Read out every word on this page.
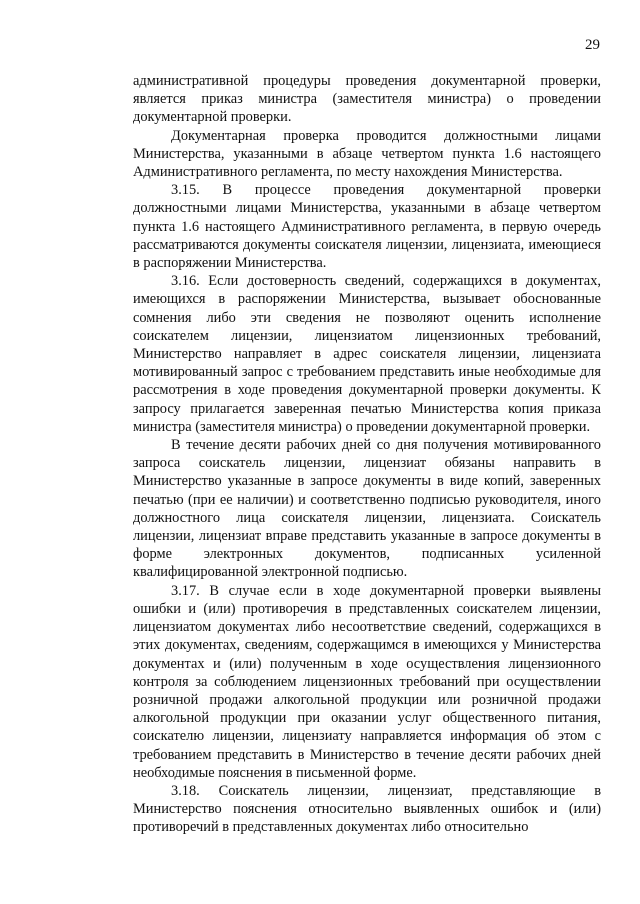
29

административной процедуры проведения документарной проверки, является приказ министра (заместителя министра) о проведении документарной проверки.

Документарная проверка проводится должностными лицами Министерства, указанными в абзаце четвертом пункта 1.6 настоящего Административного регламента, по месту нахождения Министерства.

3.15. В процессе проведения документарной проверки должностными лицами Министерства, указанными в абзаце четвертом пункта 1.6 настоящего Административного регламента, в первую очередь рассматриваются документы соискателя лицензии, лицензиата, имеющиеся в распоряжении Министерства.

3.16. Если достоверность сведений, содержащихся в документах, имеющихся в распоряжении Министерства, вызывает обоснованные сомнения либо эти сведения не позволяют оценить исполнение соискателем лицензии, лицензиатом лицензионных требований, Министерство направляет в адрес соискателя лицензии, лицензиата мотивированный запрос с требованием представить иные необходимые для рассмотрения в ходе проведения документарной проверки документы. К запросу прилагается заверенная печатью Министерства копия приказа министра (заместителя министра) о проведении документарной проверки.

В течение десяти рабочих дней со дня получения мотивированного запроса соискатель лицензии, лицензиат обязаны направить в Министерство указанные в запросе документы в виде копий, заверенных печатью (при ее наличии) и соответственно подписью руководителя, иного должностного лица соискателя лицензии, лицензиата. Соискатель лицензии, лицензиат вправе представить указанные в запросе документы в форме электронных документов, подписанных усиленной квалифицированной электронной подписью.

3.17. В случае если в ходе документарной проверки выявлены ошибки и (или) противоречия в представленных соискателем лицензии, лицензиатом документах либо несоответствие сведений, содержащихся в этих документах, сведениям, содержащимся в имеющихся у Министерства документах и (или) полученным в ходе осуществления лицензионного контроля за соблюдением лицензионных требований при осуществлении розничной продажи алкогольной продукции или розничной продажи алкогольной продукции при оказании услуг общественного питания, соискателю лицензии, лицензиату направляется информация об этом с требованием представить в Министерство в течение десяти рабочих дней необходимые пояснения в письменной форме.

3.18. Соискатель лицензии, лицензиат, представляющие в Министерство пояснения относительно выявленных ошибок и (или) противоречий в представленных документах либо относительно
